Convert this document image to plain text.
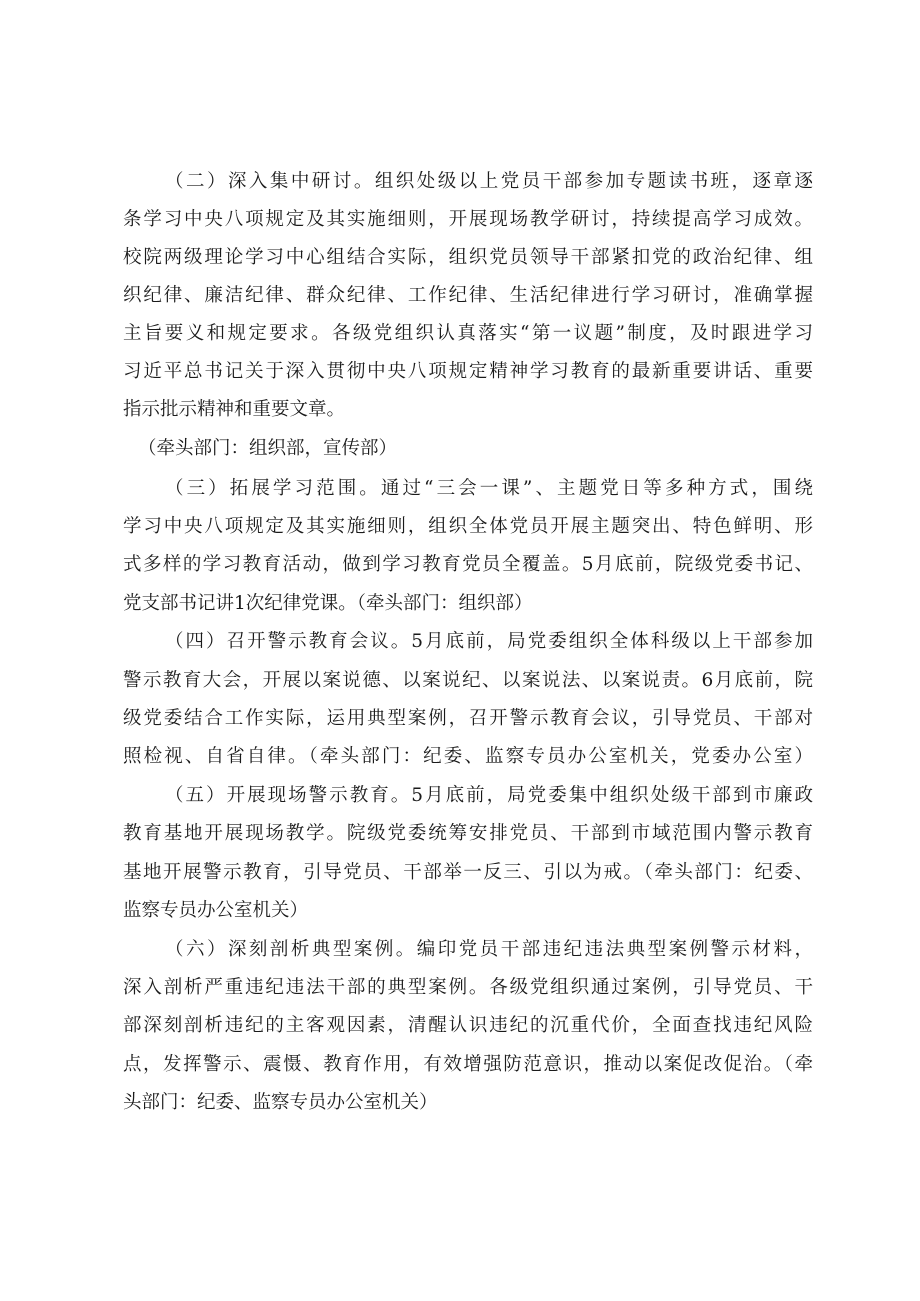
（二）深入集中研讨。组织处级以上党员干部参加专题读书班，逐章逐
条学习中央八项规定及其实施细则，开展现场教学研讨，持续提高学习成效。
校院两级理论学习中心组结合实际，组织党员领导干部紧扣党的政治纪律、组
织纪律、廉洁纪律、群众纪律、工作纪律、生活纪律进行学习研讨，准确掌握
主旨要义和规定要求。各级党组织认真落实“第一议题”制度，及时跟进学习
习近平总书记关于深入贯彻中央八项规定精神学习教育的最新重要讲话、重要
指示批示精神和重要文章。
（牵头部门：组织部，宣传部）
（三）拓展学习范围。通过“三会一课”、主题党日等多种方式，围绕
学习中央八项规定及其实施细则，组织全体党员开展主题突出、特色鲜明、形
式多样的学习教育活动，做到学习教育党员全覆盖。5月底前，院级党委书记、
党支部书记讲1次纪律党课。（牵头部门：组织部）
（四）召开警示教育会议。5月底前，局党委组织全体科级以上干部参加
警示教育大会，开展以案说德、以案说纪、以案说法、以案说责。6月底前，院
级党委结合工作实际，运用典型案例，召开警示教育会议，引导党员、干部对
照检视、自省自律。（牵头部门：纪委、监察专员办公室机关，党委办公室）
（五）开展现场警示教育。5月底前，局党委集中组织处级干部到市廉政
教育基地开展现场教学。院级党委统筹安排党员、干部到市域范围内警示教育
基地开展警示教育，引导党员、干部举一反三、引以为戒。（牵头部门：纪委、
监察专员办公室机关）
（六）深刻剖析典型案例。编印党员干部违纪违法典型案例警示材料，
深入剖析严重违纪违法干部的典型案例。各级党组织通过案例，引导党员、干
部深刻剖析违纪的主客观因素，清醒认识违纪的沉重代价，全面查找违纪风险
点，发挥警示、震慑、教育作用，有效增强防范意识，推动以案促改促治。（牵
头部门：纪委、监察专员办公室机关）
